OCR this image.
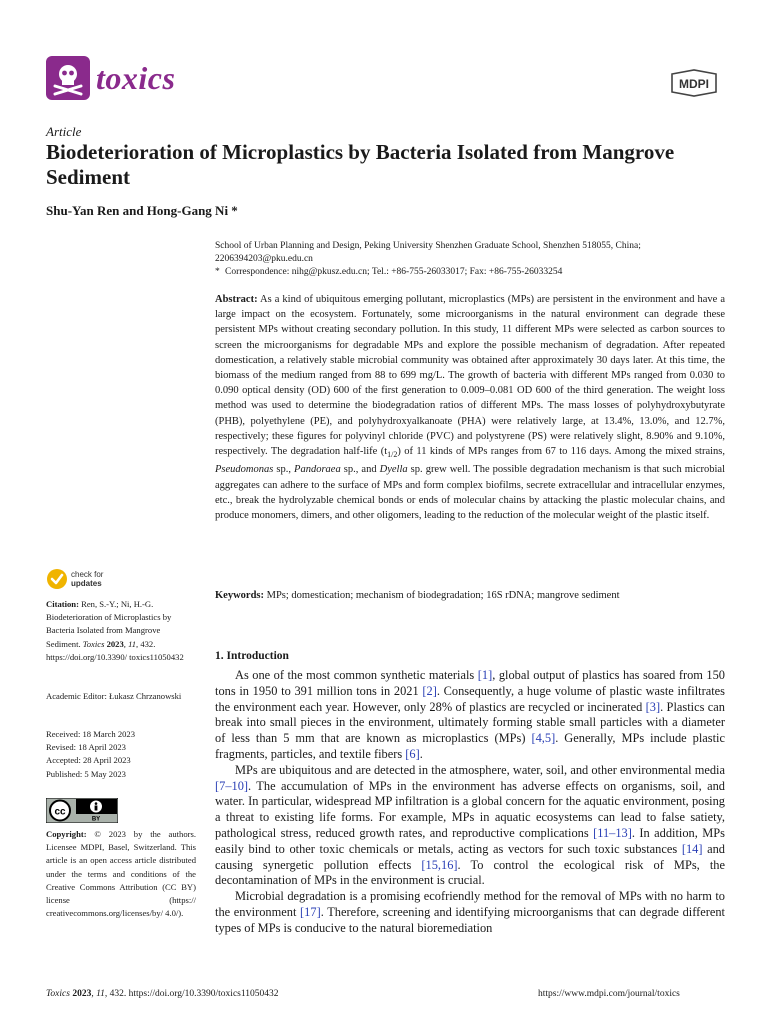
toxics	MDPI
Article
Biodeterioration of Microplastics by Bacteria Isolated from Mangrove Sediment
Shu-Yan Ren and Hong-Gang Ni *
School of Urban Planning and Design, Peking University Shenzhen Graduate School, Shenzhen 518055, China; 2206394203@pku.edu.cn
* Correspondence: nihg@pkusz.edu.cn; Tel.: +86-755-26033017; Fax: +86-755-26033254
Abstract: As a kind of ubiquitous emerging pollutant, microplastics (MPs) are persistent in the environment and have a large impact on the ecosystem. Fortunately, some microorganisms in the natural environment can degrade these persistent MPs without creating secondary pollution. In this study, 11 different MPs were selected as carbon sources to screen the microorganisms for degradable MPs and explore the possible mechanism of degradation. After repeated domestication, a relatively stable microbial community was obtained after approximately 30 days later. At this time, the biomass of the medium ranged from 88 to 699 mg/L. The growth of bacteria with different MPs ranged from 0.030 to 0.090 optical density (OD) 600 of the first generation to 0.009–0.081 OD 600 of the third generation. The weight loss method was used to determine the biodegradation ratios of different MPs. The mass losses of polyhydroxybutyrate (PHB), polyethylene (PE), and polyhydroxyalkanoate (PHA) were relatively large, at 13.4%, 13.0%, and 12.7%, respectively; these figures for polyvinyl chloride (PVC) and polystyrene (PS) were relatively slight, 8.90% and 9.10%, respectively. The degradation half-life $(t_{1/2})$ of 11 kinds of MPs ranges from 67 to 116 days. Among the mixed strains, Pseudomonas sp., Pandoraea sp., and Dyella sp. grew well. The possible degradation mechanism is that such microbial aggregates can adhere to the surface of MPs and form complex biofilms, secrete extracellular and intracellular enzymes, etc., break the hydrolyzable chemical bonds or ends of molecular chains by attacking the plastic molecular chains, and produce monomers, dimers, and other oligomers, leading to the reduction of the molecular weight of the plastic itself.
Keywords: MPs; domestication; mechanism of biodegradation; 16S rDNA; mangrove sediment
check for
updates
Citation: Ren, S.-Y.; Ni, H.-G. Biodeterioration of Microplastics by Bacteria Isolated from Mangrove Sediment. Toxics 2023, 11, 432. https://doi.org/10.3390/ toxics11050432
Academic Editor: Łukasz Chrzanowski
Received: 18 March 2023
Revised: 18 April 2023
Accepted: 28 April 2023
Published: 5 May 2023
cc
BY
Copyright: © 2023 by the authors. Licensee MDPI, Basel, Switzerland. This article is an open access article distributed under the terms and conditions of the Creative Commons Attribution (CC BY) license (https:// creativecommons.org/licenses/by/ 4.0/).
1. Introduction

As one of the most common synthetic materials [1], global output of plastics has soared from 150 tons in 1950 to 391 million tons in 2021 [2]. Consequently, a huge volume of plastic waste infiltrates the environment each year. However, only 28% of plastics are recycled or incinerated [3]. Plastics can break into small pieces in the environment, ultimately forming stable small particles with a diameter of less than 5 mm that are known as microplastics (MPs) [4,5]. Generally, MPs include plastic fragments, particles, and textile fibers [6].

MPs are ubiquitous and are detected in the atmosphere, water, soil, and other environmental media [7–10]. The accumulation of MPs in the environment has adverse effects on organisms, soil, and water. In particular, widespread MP infiltration is a global concern for the aquatic environment, posing a threat to existing life forms. For example, MPs in aquatic ecosystems can lead to false satiety, pathological stress, reduced growth rates, and reproductive complications [11–13]. In addition, MPs easily bind to other toxic chemicals or metals, acting as vectors for such toxic substances [14] and causing synergetic pollution effects [15,16]. To control the ecological risk of MPs, the decontamination of MPs in the environment is crucial.

Microbial degradation is a promising ecofriendly method for the removal of MPs with no harm to the environment [17]. Therefore, screening and identifying microorganisms that can degrade different types of MPs is conducive to the natural bioremediation

Toxics 2023, 11, 432. https://doi.org/10.3390/toxics11050432	https://www.mdpi.com/journal/toxics
